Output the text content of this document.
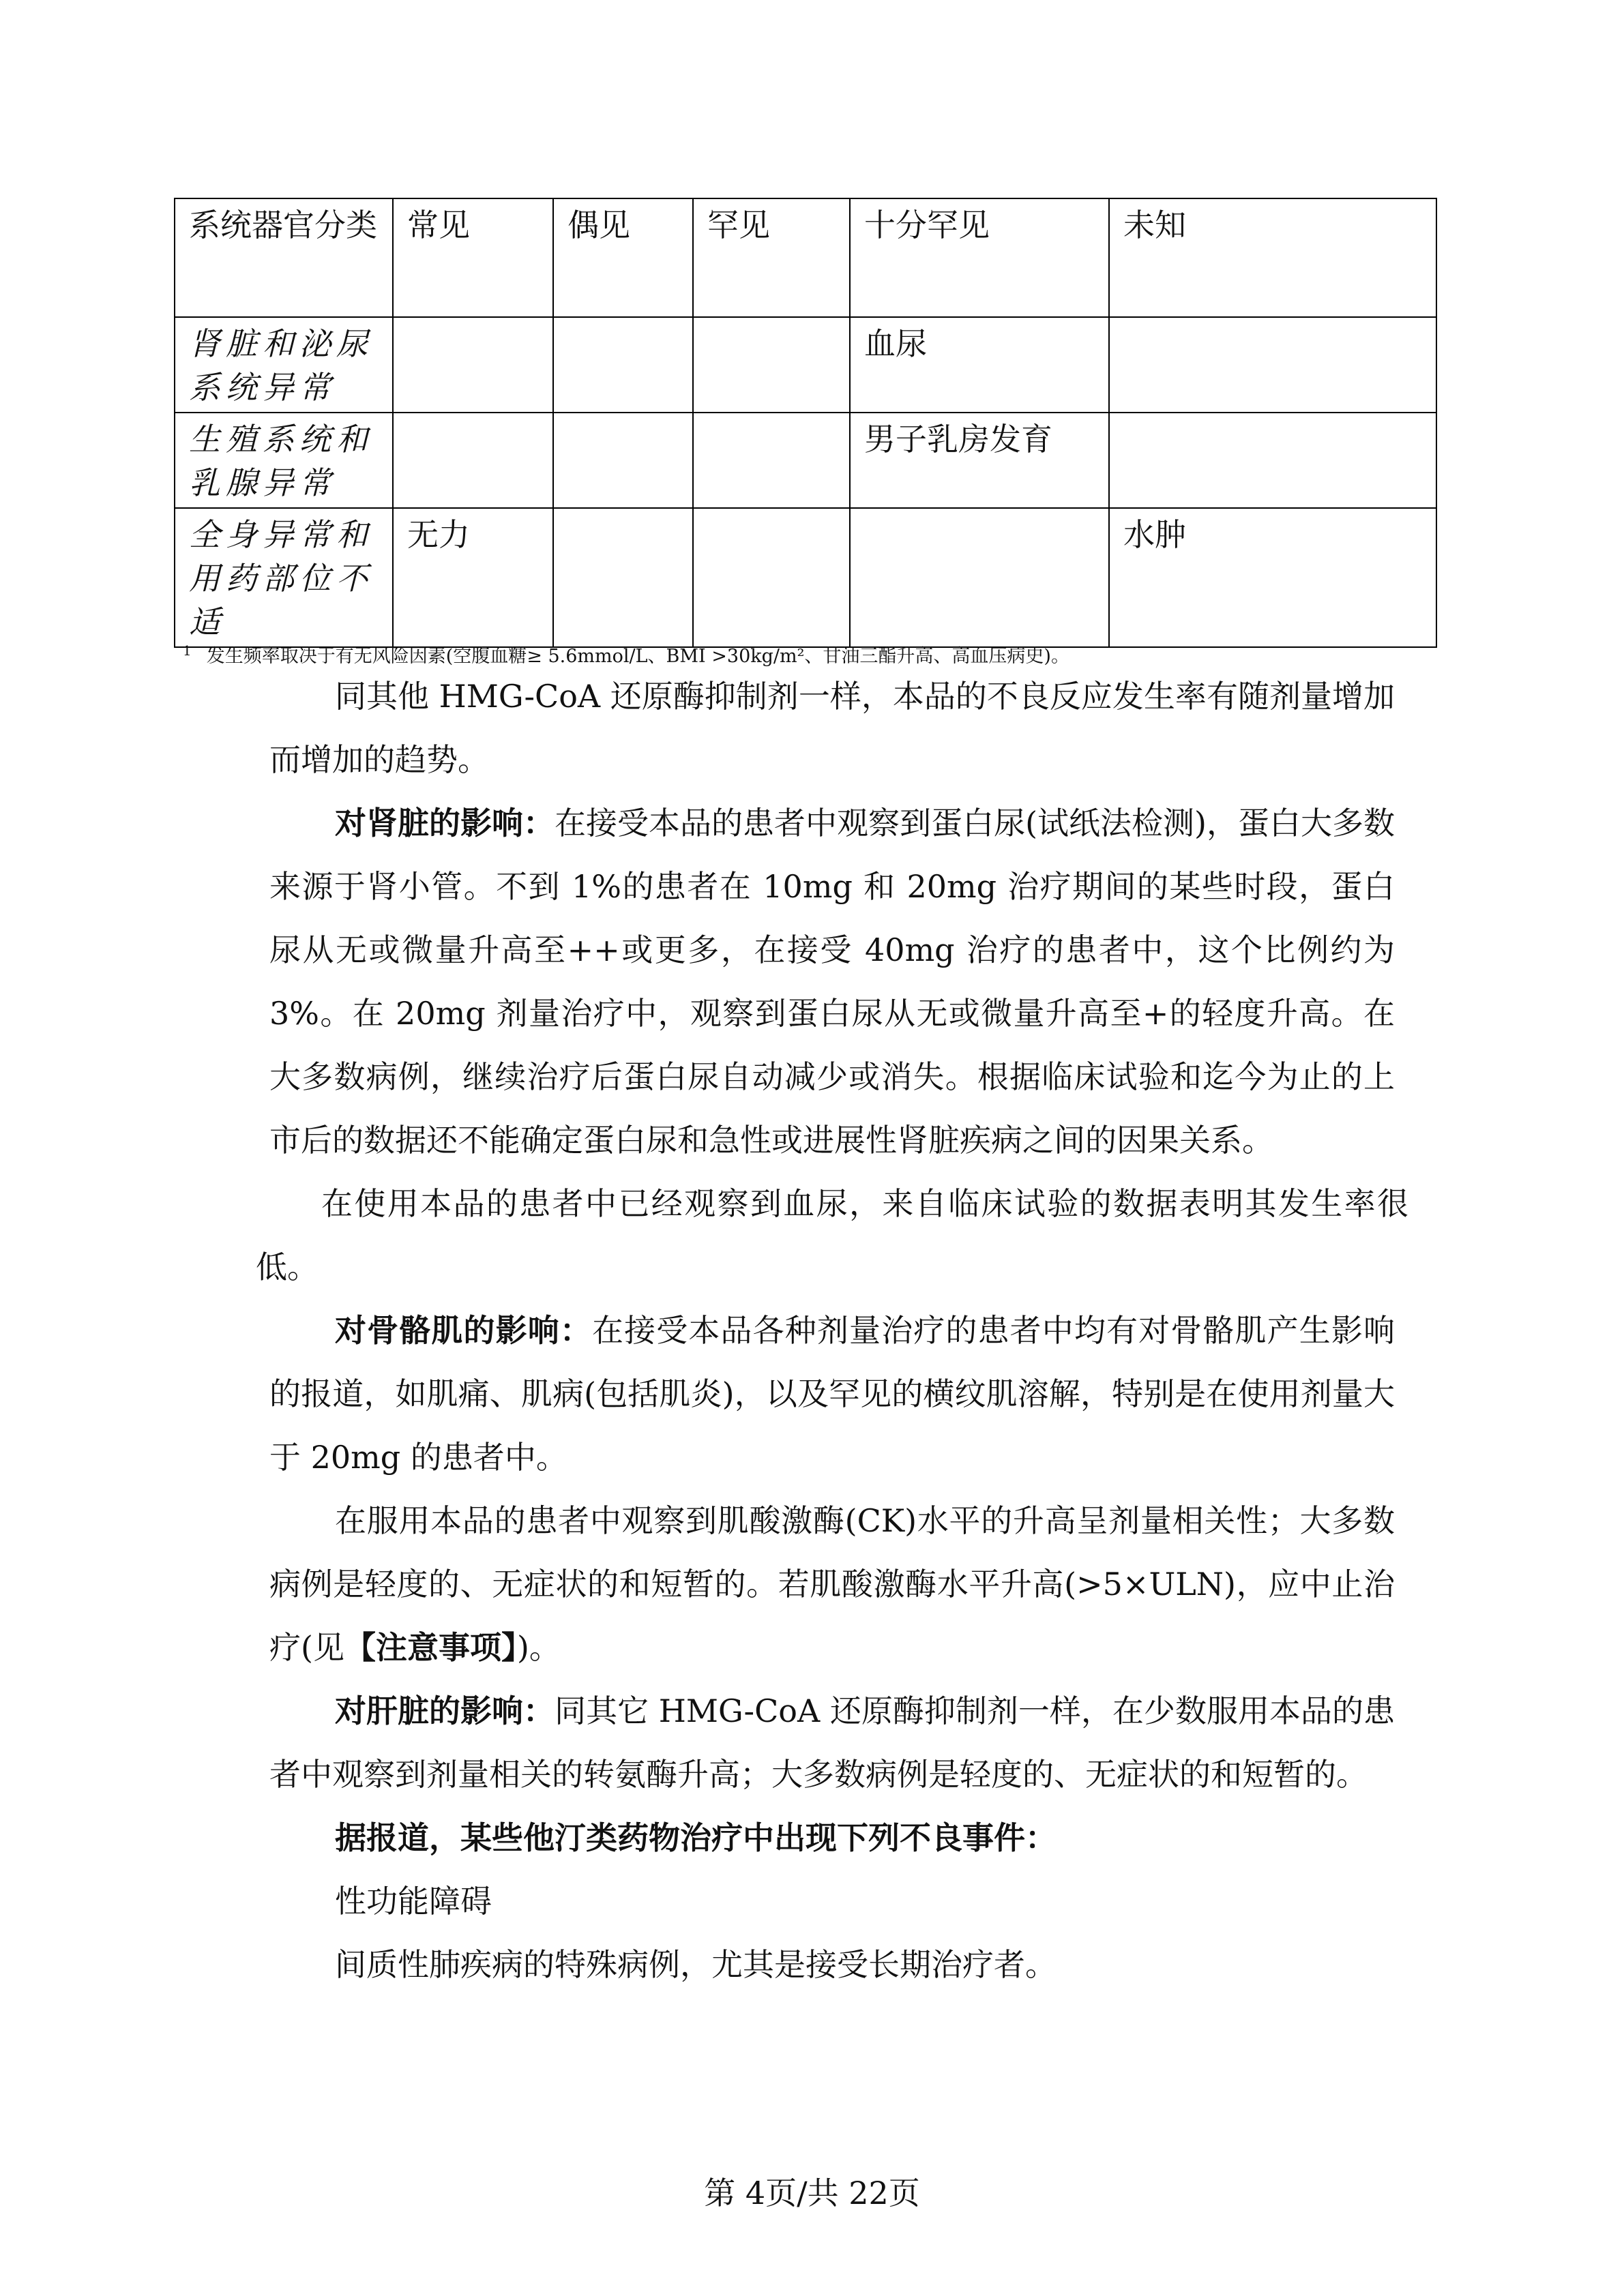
系统器官分类	常见	偶见	罕见	十分罕见	未知
肾脏和泌尿系统异常				血尿	
生殖系统和乳腺异常				男子乳房发育	
全身异常和用药部位不适	无力				水肿
$^1$ 发生频率取决于有无风险因素(空腹血糖≥ 5.6mmol/L、BMI >30kg/m²、甘油三酯升高、高血压病史)。

同其他 HMG-CoA 还原酶抑制剂一样，本品的不良反应发生率有随剂量增加而增加的趋势。

对肾脏的影响：在接受本品的患者中观察到蛋白尿(试纸法检测)，蛋白大多数来源于肾小管。不到 1%的患者在 10mg 和 20mg 治疗期间的某些时段，蛋白尿从无或微量升高至++或更多，在接受 40mg 治疗的患者中，这个比例约为 3%。在 20mg 剂量治疗中，观察到蛋白尿从无或微量升高至+的轻度升高。在大多数病例，继续治疗后蛋白尿自动减少或消失。根据临床试验和迄今为止的上市后的数据还不能确定蛋白尿和急性或进展性肾脏疾病之间的因果关系。

在使用本品的患者中已经观察到血尿，来自临床试验的数据表明其发生率很低。

对骨骼肌的影响：在接受本品各种剂量治疗的患者中均有对骨骼肌产生影响的报道，如肌痛、肌病(包括肌炎)，以及罕见的横纹肌溶解，特别是在使用剂量大于 20mg 的患者中。

在服用本品的患者中观察到肌酸激酶(CK)水平的升高呈剂量相关性；大多数病例是轻度的、无症状的和短暂的。若肌酸激酶水平升高(>5×ULN)，应中止治疗(见【注意事项】)。

对肝脏的影响：同其它 HMG-CoA 还原酶抑制剂一样，在少数服用本品的患者中观察到剂量相关的转氨酶升高；大多数病例是轻度的、无症状的和短暂的。

据报道，某些他汀类药物治疗中出现下列不良事件：

性功能障碍

间质性肺疾病的特殊病例，尤其是接受长期治疗者。

第 4页/共 22页
